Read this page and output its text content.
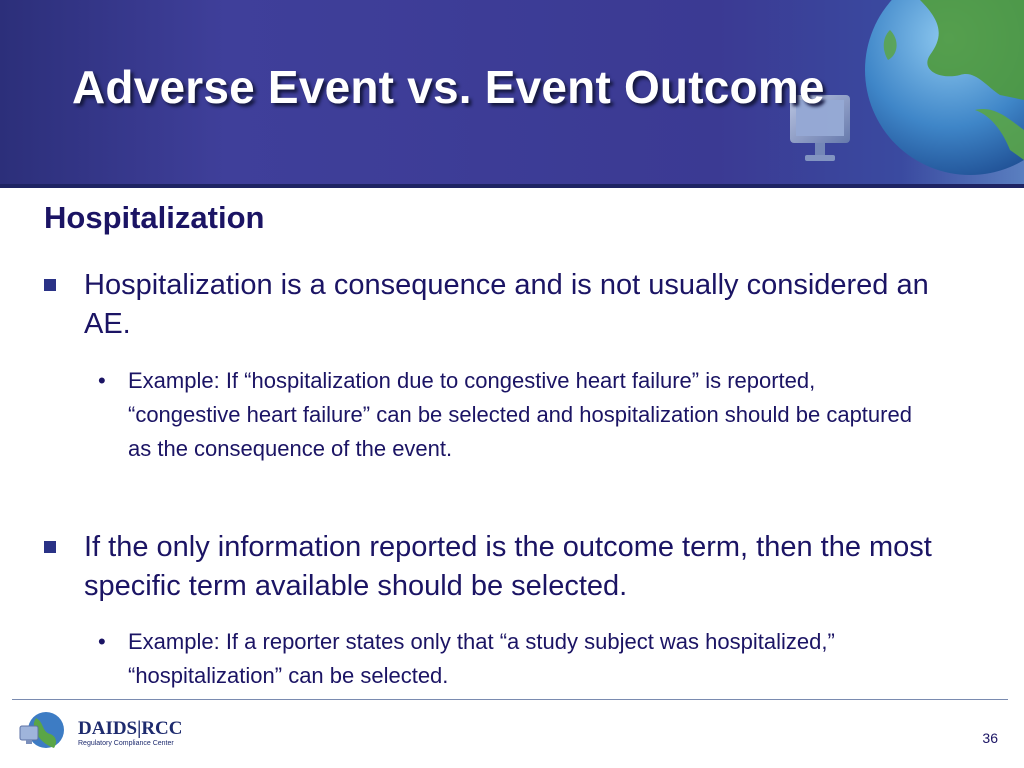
Adverse Event vs. Event Outcome
Hospitalization
Hospitalization is a consequence and is not usually considered an AE.
• Example: If “hospitalization due to congestive heart failure” is reported, “congestive heart failure” can be selected and hospitalization should be captured as the consequence of the event.
If the only information reported is the outcome term, then the most specific term available should be selected.
• Example: If a reporter states only that “a study subject was hospitalized,” “hospitalization” can be selected.
DAIDS|RCC
Regulatory Compliance Center	36
